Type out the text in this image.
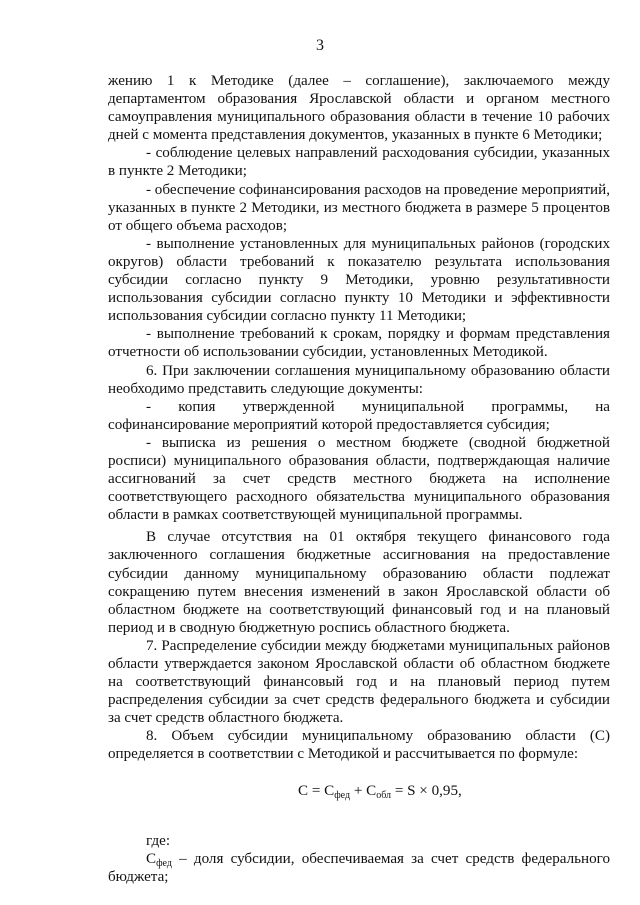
3

жению 1 к Методике (далее – соглашение), заключаемого между департаментом образования Ярославской области и органом местного самоуправления муниципального образования области в течение 10 рабочих дней с момента представления документов, указанных в пункте 6 Методики;

- соблюдение целевых направлений расходования субсидии, указанных в пункте 2 Методики;

- обеспечение софинансирования расходов на проведение мероприятий, указанных в пункте 2 Методики, из местного бюджета в размере 5 процентов от общего объема расходов;

- выполнение установленных для муниципальных районов (городских округов) области требований к показателю результата использования субсидии согласно пункту 9 Методики, уровню результативности использования субсидии согласно пункту 10 Методики и эффективности использования субсидии согласно пункту 11 Методики;

- выполнение требований к срокам, порядку и формам представления отчетности об использовании субсидии, установленных Методикой.

6. При заключении соглашения муниципальному образованию области необходимо представить следующие документы:

- копия утвержденной муниципальной программы, на софинансирование мероприятий которой предоставляется субсидия;

- выписка из решения о местном бюджете (сводной бюджетной росписи) муниципального образования области, подтверждающая наличие ассигнований за счет средств местного бюджета на исполнение соответствующего расходного обязательства муниципального образования области в рамках соответствующей муниципальной программы.

В случае отсутствия на 01 октября текущего финансового года заключенного соглашения бюджетные ассигнования на предоставление субсидии данному муниципальному образованию области подлежат сокращению путем внесения изменений в закон Ярославской области об областном бюджете на соответствующий финансовый год и на плановый период и в сводную бюджетную роспись областного бюджета.

7. Распределение субсидии между бюджетами муниципальных районов области утверждается законом Ярославской области об областном бюджете на соответствующий финансовый год и на плановый период путем распределения субсидии за счет средств федерального бюджета и субсидии за счет средств областного бюджета.

8. Объем субсидии муниципальному образованию области (С) определяется в соответствии с Методикой и рассчитывается по формуле:

$С = С_{фед} + С_{обл} = S \times 0,95$,

где:

$С_{фед}$ – доля субсидии, обеспечиваемая за счет средств федерального бюджета;
